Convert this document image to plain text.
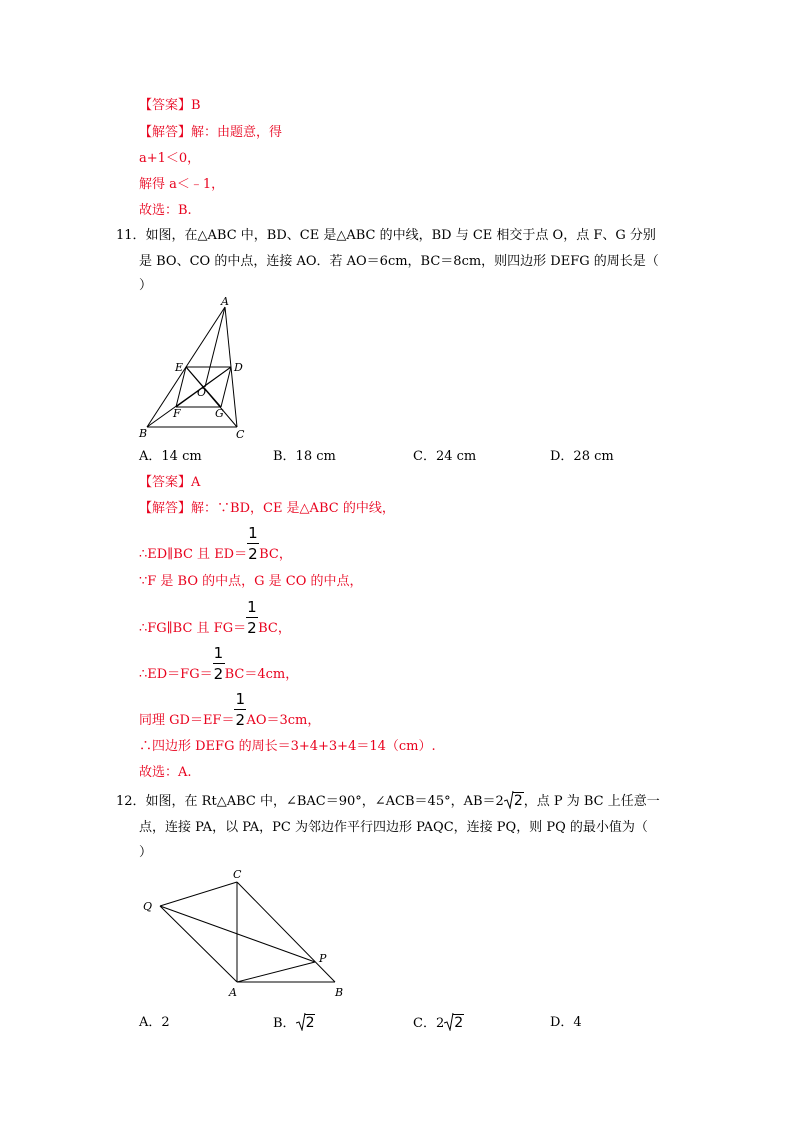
【答案】B
【解答】解：由题意，得
a+1＜0，
解得 a＜﹣1，
故选：B.
11．如图，在△ABC 中，BD、CE 是△ABC 的中线，BD 与 CE 相交于点 O，点 F、G 分别
是 BO、CO 的中点，连接 AO．若 AO＝6cm，BC＝8cm，则四边形 DEFG 的周长是（
）
A
E	D
O
F	G
B	C
A．14 cm	B．18 cm	C．24 cm	D．28 cm
【答案】A
【解答】解：∵BD，CE 是△ABC 的中线，
∴ED∥BC 且 $ED= \frac{1}{2}$ BC，
∵F 是 BO 的中点，G 是 CO 的中点，
∴FG∥BC 且 $FG= \frac{1}{2}$ BC，
∴ED＝FG＝ $\frac{1}{2} BC=4cm$，
同理 $GD=EF= \frac{1}{2} AO=3cm$，
∴四边形 DEFG 的周长＝3+4+3+4＝14（cm）.
故选：A.
12．如图，在 Rt△ABC 中，∠BAC＝90°，∠ACB＝45°，AB＝2 2，点 P 为 BC 上任意一
点，连接 PA，以 PA，PC 为邻边作平行四边形 PAQC，连接 PQ，则 PQ 的最小值为（
）
C
Q
P
A	B
A．2	B． 2	C．2 2	D．4
